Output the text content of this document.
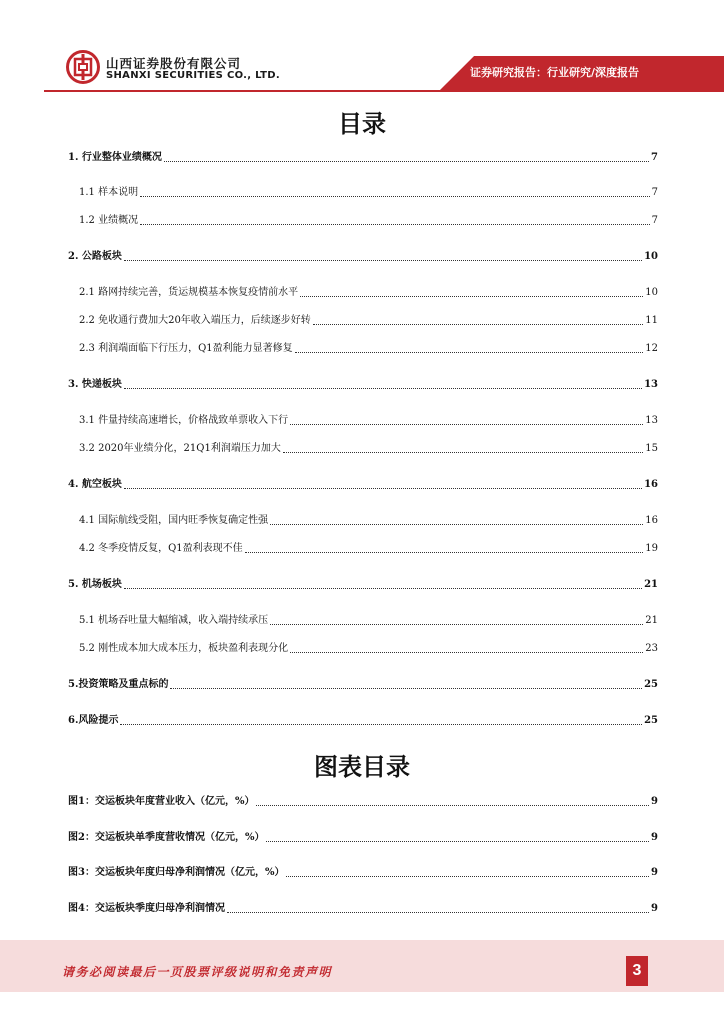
山西证券股份有限公司
SHANXI SECURITIES CO., LTD.	证券研究报告：行业研究/深度报告
目录
1. 行业整体业绩概况	7
1.1 样本说明	7
1.2 业绩概况	7
2. 公路板块	10
2.1 路网持续完善，货运规模基本恢复疫情前水平	10
2.2 免收通行费加大20年收入端压力，后续逐步好转	11
2.3 利润端面临下行压力，Q1盈利能力显著修复	12
3. 快递板块	13
3.1 件量持续高速增长，价格战致单票收入下行	13
3.2 2020年业绩分化，21Q1利润端压力加大	15
4. 航空板块	16
4.1 国际航线受阻，国内旺季恢复确定性强	16
4.2 冬季疫情反复，Q1盈利表现不佳	19
5. 机场板块	21
5.1 机场吞吐量大幅缩减，收入端持续承压	21
5.2 刚性成本加大成本压力，板块盈利表现分化	23
5.投资策略及重点标的	25
6.风险提示	25
图表目录
图1：交运板块年度营业收入（亿元，%）	9
图2：交运板块单季度营收情况（亿元，%）	9
图3：交运板块年度归母净利润情况（亿元，%）	9
图4：交运板块季度归母净利润情况	9
请务必阅读最后一页股票评级说明和免责声明	3
